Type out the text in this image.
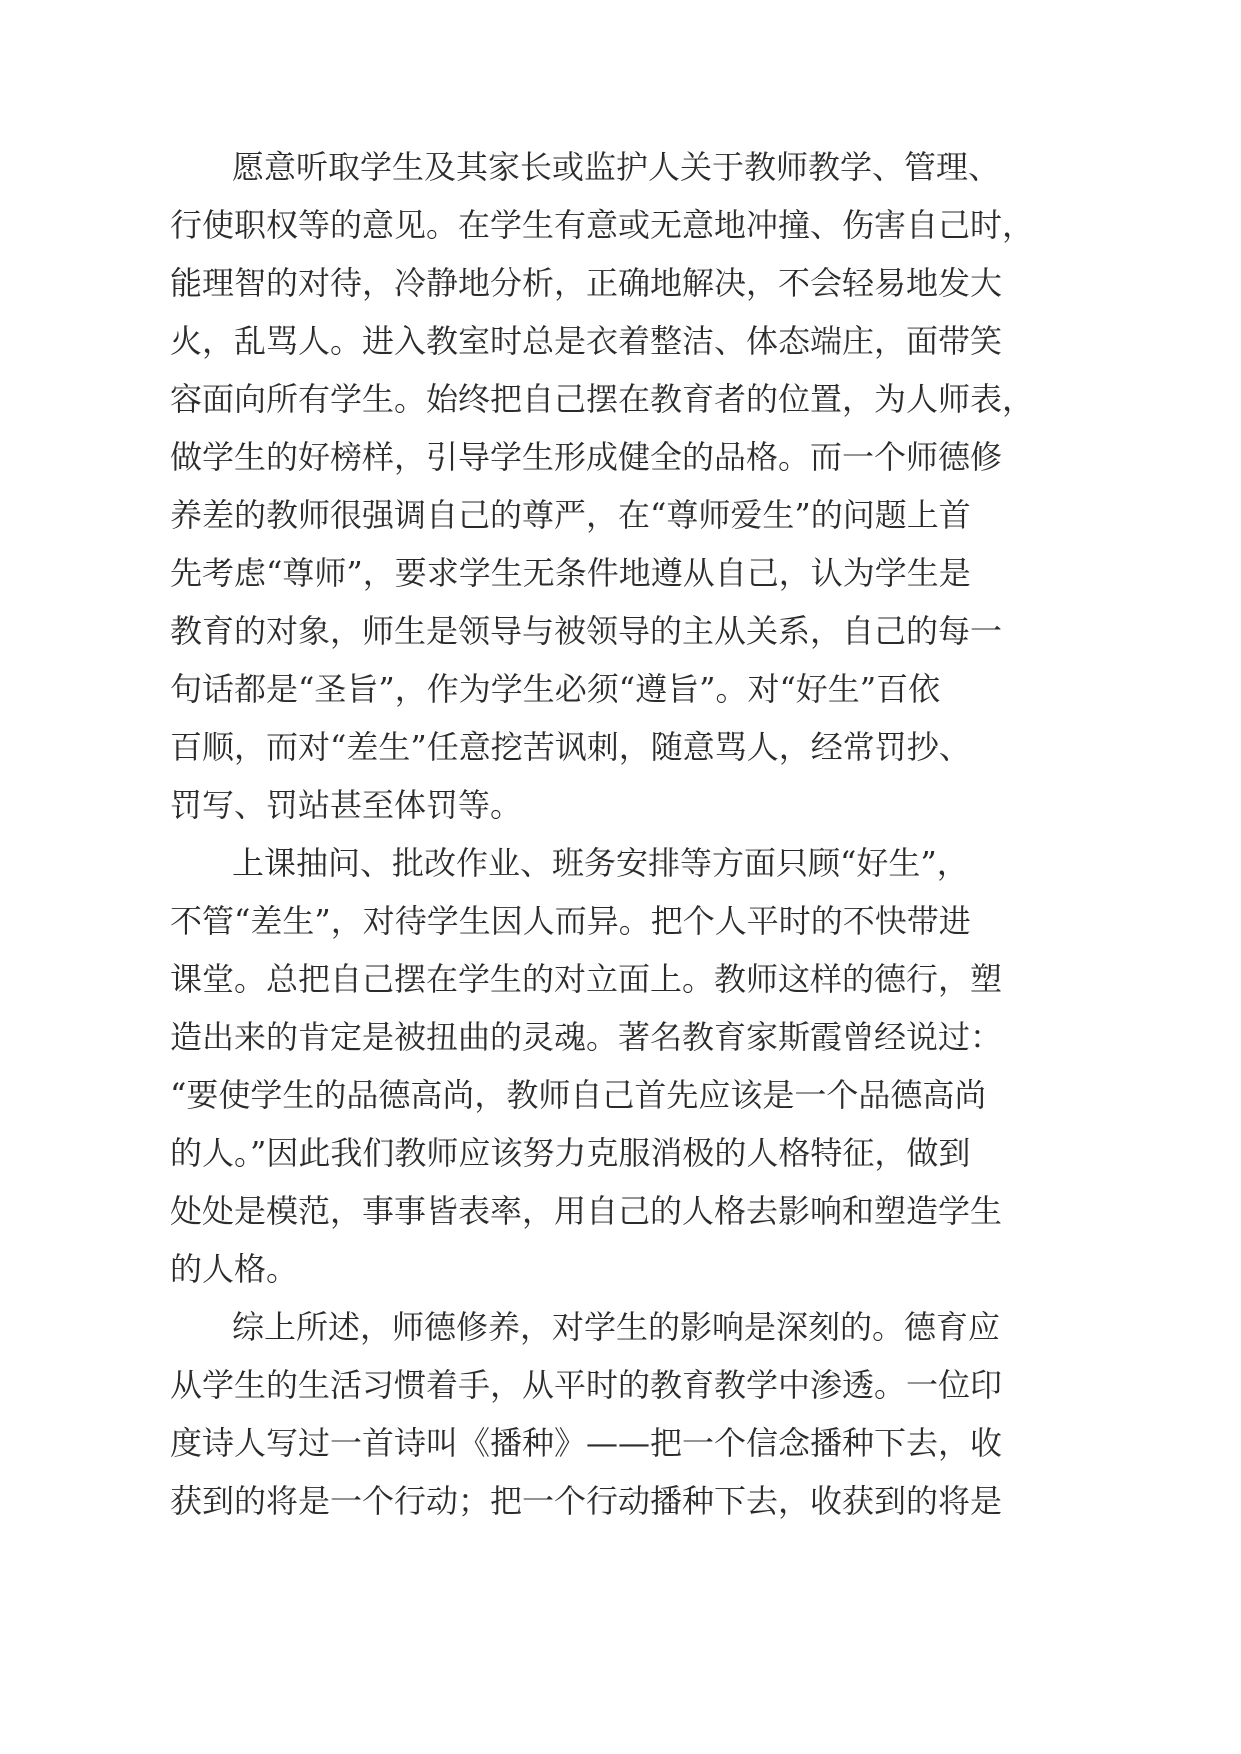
愿意听取学生及其家长或监护人关于教师教学、管理、
行使职权等的意见。在学生有意或无意地冲撞、伤害自己时，
能理智的对待，冷静地分析，正确地解决，不会轻易地发大
火，乱骂人。进入教室时总是衣着整洁、体态端庄，面带笑
容面向所有学生。始终把自己摆在教育者的位置，为人师表，
做学生的好榜样，引导学生形成健全的品格。而一个师德修
养差的教师很强调自己的尊严，在“尊师爱生”的问题上首
先考虑“尊师”，要求学生无条件地遵从自己，认为学生是
教育的对象，师生是领导与被领导的主从关系，自己的每一
句话都是“圣旨”，作为学生必须“遵旨”。对“好生”百依
百顺，而对“差生”任意挖苦讽刺，随意骂人，经常罚抄、
罚写、罚站甚至体罚等。
上课抽问、批改作业、班务安排等方面只顾“好生”，
不管“差生”，对待学生因人而异。把个人平时的不快带进
课堂。总把自己摆在学生的对立面上。教师这样的德行，塑
造出来的肯定是被扭曲的灵魂。著名教育家斯霞曾经说过：
“要使学生的品德高尚，教师自己首先应该是一个品德高尚
的人。”因此我们教师应该努力克服消极的人格特征，做到
处处是模范，事事皆表率，用自己的人格去影响和塑造学生
的人格。
综上所述，师德修养，对学生的影响是深刻的。德育应
从学生的生活习惯着手，从平时的教育教学中渗透。一位印
度诗人写过一首诗叫《播种》——把一个信念播种下去，收
获到的将是一个行动；把一个行动播种下去，收获到的将是
